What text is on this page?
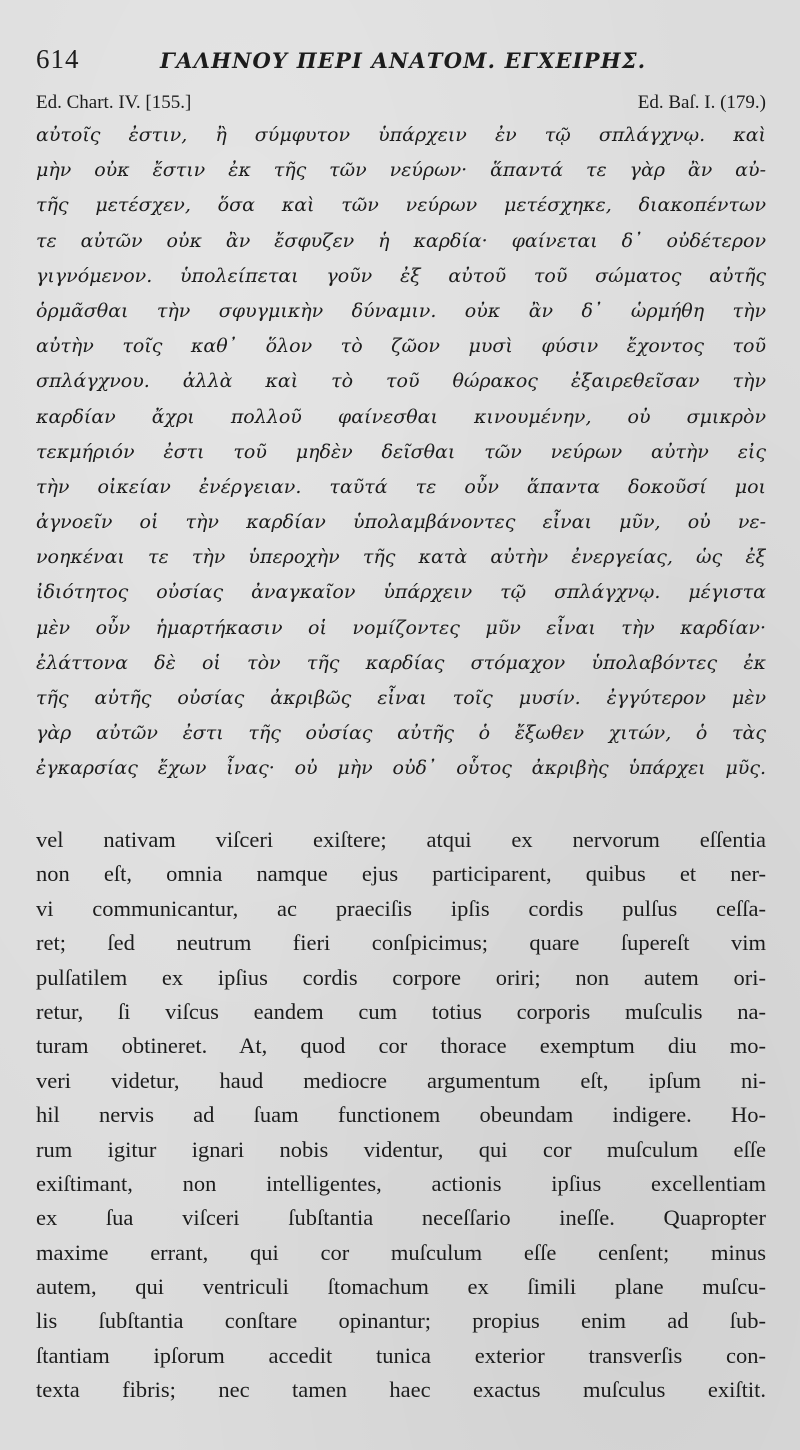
614	ΓΑΛΗΝΟΥ ΠΕΡΙ ΑΝΑΤΟΜ. ΕΓΧΕΙΡΗΣ.
Ed. Chart. IV. [155.]	Ed. Baſ. I. (179.)
αὐτοῖς ἐστιν, ἢ σύμφυτον ὑπάρχειν ἐν τῷ σπλάγχνῳ. καὶ
μὴν οὐκ ἔστιν ἐκ τῆς τῶν νεύρων· ἅπαντά τε γὰρ ἂν αὐ-
τῆς μετέσχεν, ὅσα καὶ τῶν νεύρων μετέσχηκε, διακοπέντων
τε αὐτῶν οὐκ ἂν ἔσφυζεν ἡ καρδία· φαίνεται δ᾽ οὐδέτερον
γιγνόμενον. ὑπολείπεται γοῦν ἐξ αὐτοῦ τοῦ σώματος αὐτῆς
ὁρμᾶσθαι τὴν σφυγμικὴν δύναμιν. οὐκ ἂν δ᾽ ὡρμήθη τὴν
αὐτὴν τοῖς καθ᾽ ὅλον τὸ ζῶον μυσὶ φύσιν ἔχοντος τοῦ
σπλάγχνου. ἀλλὰ καὶ τὸ τοῦ θώρακος ἐξαιρεθεῖσαν τὴν
καρδίαν ἄχρι πολλοῦ φαίνεσθαι κινουμένην, οὐ σμικρὸν
τεκμήριόν ἐστι τοῦ μηδὲν δεῖσθαι τῶν νεύρων αὐτὴν εἰς
τὴν οἰκείαν ἐνέργειαν. ταῦτά τε οὖν ἅπαντα δοκοῦσί μοι
ἀγνοεῖν οἱ τὴν καρδίαν ὑπολαμβάνοντες εἶναι μῦν, οὐ νε-
νοηκέναι τε τὴν ὑπεροχὴν τῆς κατὰ αὐτὴν ἐνεργείας, ὡς ἐξ
ἰδιότητος οὐσίας ἀναγκαῖον ὑπάρχειν τῷ σπλάγχνῳ. μέγιστα
μὲν οὖν ἡμαρτήκασιν οἱ νομίζοντες μῦν εἶναι τὴν καρδίαν·
ἐλάττονα δὲ οἱ τὸν τῆς καρδίας στόμαχον ὑπολαβόντες ἐκ
τῆς αὐτῆς οὐσίας ἀκριβῶς εἶναι τοῖς μυσίν. ἐγγύτερον μὲν
γὰρ αὐτῶν ἐστι τῆς οὐσίας αὐτῆς ὁ ἔξωθεν χιτών, ὁ τὰς
ἐγκαρσίας ἔχων ἶνας· οὐ μὴν οὐδ᾽ οὗτος ἀκριβὴς ὑπάρχει μῦς.
vel nativam viſceri exiſtere; atqui ex nervorum eſſentia
non eſt, omnia namque ejus participarent, quibus et ner-
vi communicantur, ac praeciſis ipſis cordis pulſus ceſſa-
ret; ſed neutrum fieri conſpicimus; quare ſupereſt vim
pulſatilem ex ipſius cordis corpore oriri; non autem ori-
retur, ſi viſcus eandem cum totius corporis muſculis na-
turam obtineret. At, quod cor thorace exemptum diu mo-
veri videtur, haud mediocre argumentum eſt, ipſum ni-
hil nervis ad ſuam functionem obeundam indigere. Ho-
rum igitur ignari nobis videntur, qui cor muſculum eſſe
exiſtimant, non intelligentes, actionis ipſius excellentiam
ex ſua viſceri ſubſtantia neceſſario ineſſe. Quapropter
maxime errant, qui cor muſculum eſſe cenſent; minus
autem, qui ventriculi ſtomachum ex ſimili plane muſcu-
lis ſubſtantia conſtare opinantur; propius enim ad ſub-
ſtantiam ipſorum accedit tunica exterior transverſis con-
texta fibris; nec tamen haec exactus muſculus exiſtit.
